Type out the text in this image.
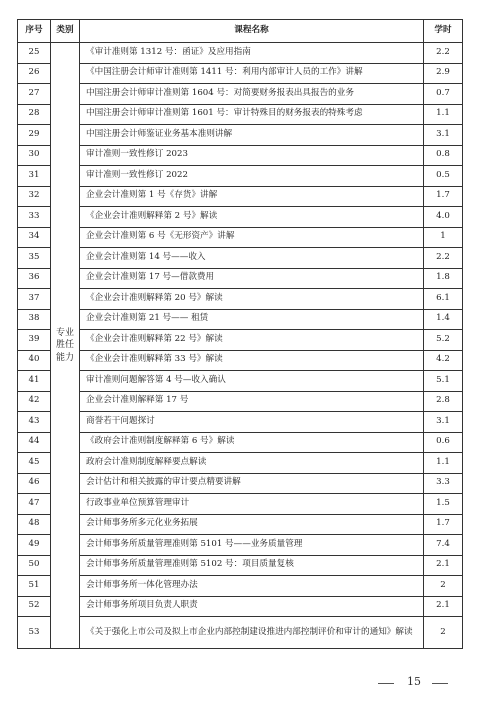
序号	类别	课程名称	学时
25	专业胜任能力	《审计准则第 1312 号：函证》及应用指南	2.2
26		《中国注册会计师审计准则第 1411 号：利用内部审计人员的工作》讲解	2.9
27		中国注册会计师审计准则第 1604 号：对简要财务报表出具报告的业务	0.7
28		中国注册会计师审计准则第 1601 号：审计特殊目的财务报表的特殊考虑	1.1
29		中国注册会计师鉴证业务基本准则讲解	3.1
30		审计准则一致性修订 2023	0.8
31		审计准则一致性修订 2022	0.5
32		企业会计准则第 1 号《存货》讲解	1.7
33		《企业会计准则解释第 2 号》解读	4.0
34		企业会计准则第 6 号《无形资产》讲解	1
35		企业会计准则第 14 号——收入	2.2
36		企业会计准则第 17 号—借款费用	1.8
37		《企业会计准则解释第 20 号》解读	6.1
38		企业会计准则第 21 号—— 租赁	1.4
39		《企业会计准则解释第 22 号》解读	5.2
40		《企业会计准则解释第 33 号》解读	4.2
41		审计准则问题解答第 4 号—收入确认	5.1
42		企业会计准则解释第 17 号	2.8
43		商誉若干问题探讨	3.1
44		《政府会计准则制度解释第 6 号》解读	0.6
45		政府会计准则制度解释要点解读	1.1
46		会计估计和相关披露的审计要点精要讲解	3.3
47		行政事业单位预算管理审计	1.5
48		会计师事务所多元化业务拓展	1.7
49		会计师事务所质量管理准则第 5101 号——业务质量管理	7.4
50		会计师事务所质量管理准则第 5102 号：项目质量复核	2.1
51		会计师事务所一体化管理办法	2
52		会计师事务所项目负责人职责	2.1
53		《关于强化上市公司及拟上市企业内部控制建设推进内部控制评价和审计的通知》解读	2
15
